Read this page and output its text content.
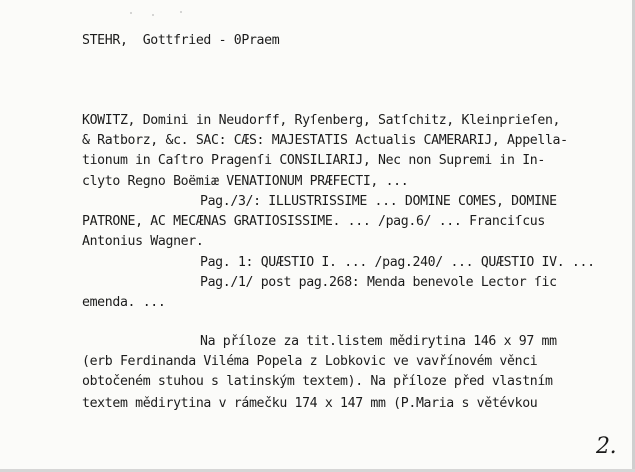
STEHR,  Gottfried - 0Praem
KOWITZ, Domini in Neudorff, Ryſenberg, Satſchitz, Kleinprieſen,
& Ratborz, &c. SAC: CÆS: MAJESTATIS Actualis CAMERARIJ, Appella-
tionum in Caſtro Pragenſi CONSILIARIJ, Nec non Supremi in In-
clyto Regno Boëmiæ VENATIONUM PRÆFECTI, ...
Pag./3/: ILLUSTRISSIME ... DOMINE COMES, DOMINE
PATRONE, AC MECÆNAS GRATIOSISSIME. ... /pag.6/ ... Franciſcus
Antonius Wagner.
Pag. 1: QUÆSTIO I. ... /pag.240/ ... QUÆSTIO IV. ...
Pag./1/ post pag.268: Menda benevole Lector ſic
emenda. ...
Na příloze za tit.listem mědirytina 146 x 97 mm
(erb Ferdinanda Viléma Popela z Lobkovic ve vavřínovém věnci
obtočeném stuhou s latinským textem). Na příloze před vlastním
textem mědirytina v rámečku 174 x 147 mm (P.Maria s větévkou
2.
